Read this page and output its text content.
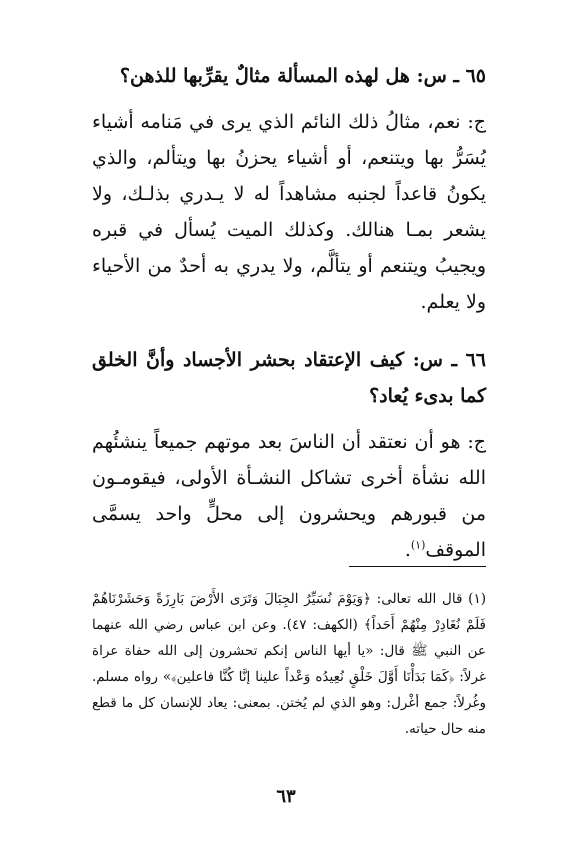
٦٥ ـ س: هل لهذه المسألة مثالٌ يقرِّبها للذهن؟

ج: نعم، مثالُ ذلك النائم الذي يرى في مَنامه أشياء يُسَرُّ بها ويتنعم، أو أشياء يحزنُ بها ويتألم، والذي يكونُ قاعداً لجنبه مشاهداً له لا يـدري بذلـك، ولا يشعر بمـا هنالك. وكذلك الميت يُسأل في قبره ويجيبُ ويتنعم أو يتألَّم، ولا يدري به أحدٌ من الأحياء ولا يعلم.

٦٦ ـ س: كيف الإعتقاد بحشر الأجساد وأنَّ الخلق كما بدىء يُعاد؟

ج: هو أن نعتقد أن الناسَ بعد موتهم جميعاً ينشئُهم الله نشأة أخرى تشاكل النشـأة الأولى، فيقومـون من قبورهم ويحشرون إلى محلٍّ واحد يسمَّى الموقف$^{(١)}$.

(١) قال الله تعالى: ﴿وَيَوْمَ نُسَيِّرُ الجِبَالَ وَتَرَى الأَرْضَ بَارِزَةً وَحَشَرْنَاهُمْ فَلَمْ نُغَادِرْ مِنْهُمْ أَحَداً﴾ (الكهف: ٤٧). وعن ابن عباس رضي الله عنهما عن النبي ﷺ قال: «يا أيها الناس إنكم تحشرون إلى الله حفاة عراة غرلاً: ﴿كَمَا بَدَأْنَا أَوَّلَ خَلْقٍ نُعِيدُه وَعْداً علينا إنَّا كُنَّا فاعلين﴾» رواه مسلم. وغُرلاً: جمع أغْرل: وهو الذي لم يُختن. بمعنى: يعاد للإنسان كل ما قطع منه حال حياته.

٦٣
